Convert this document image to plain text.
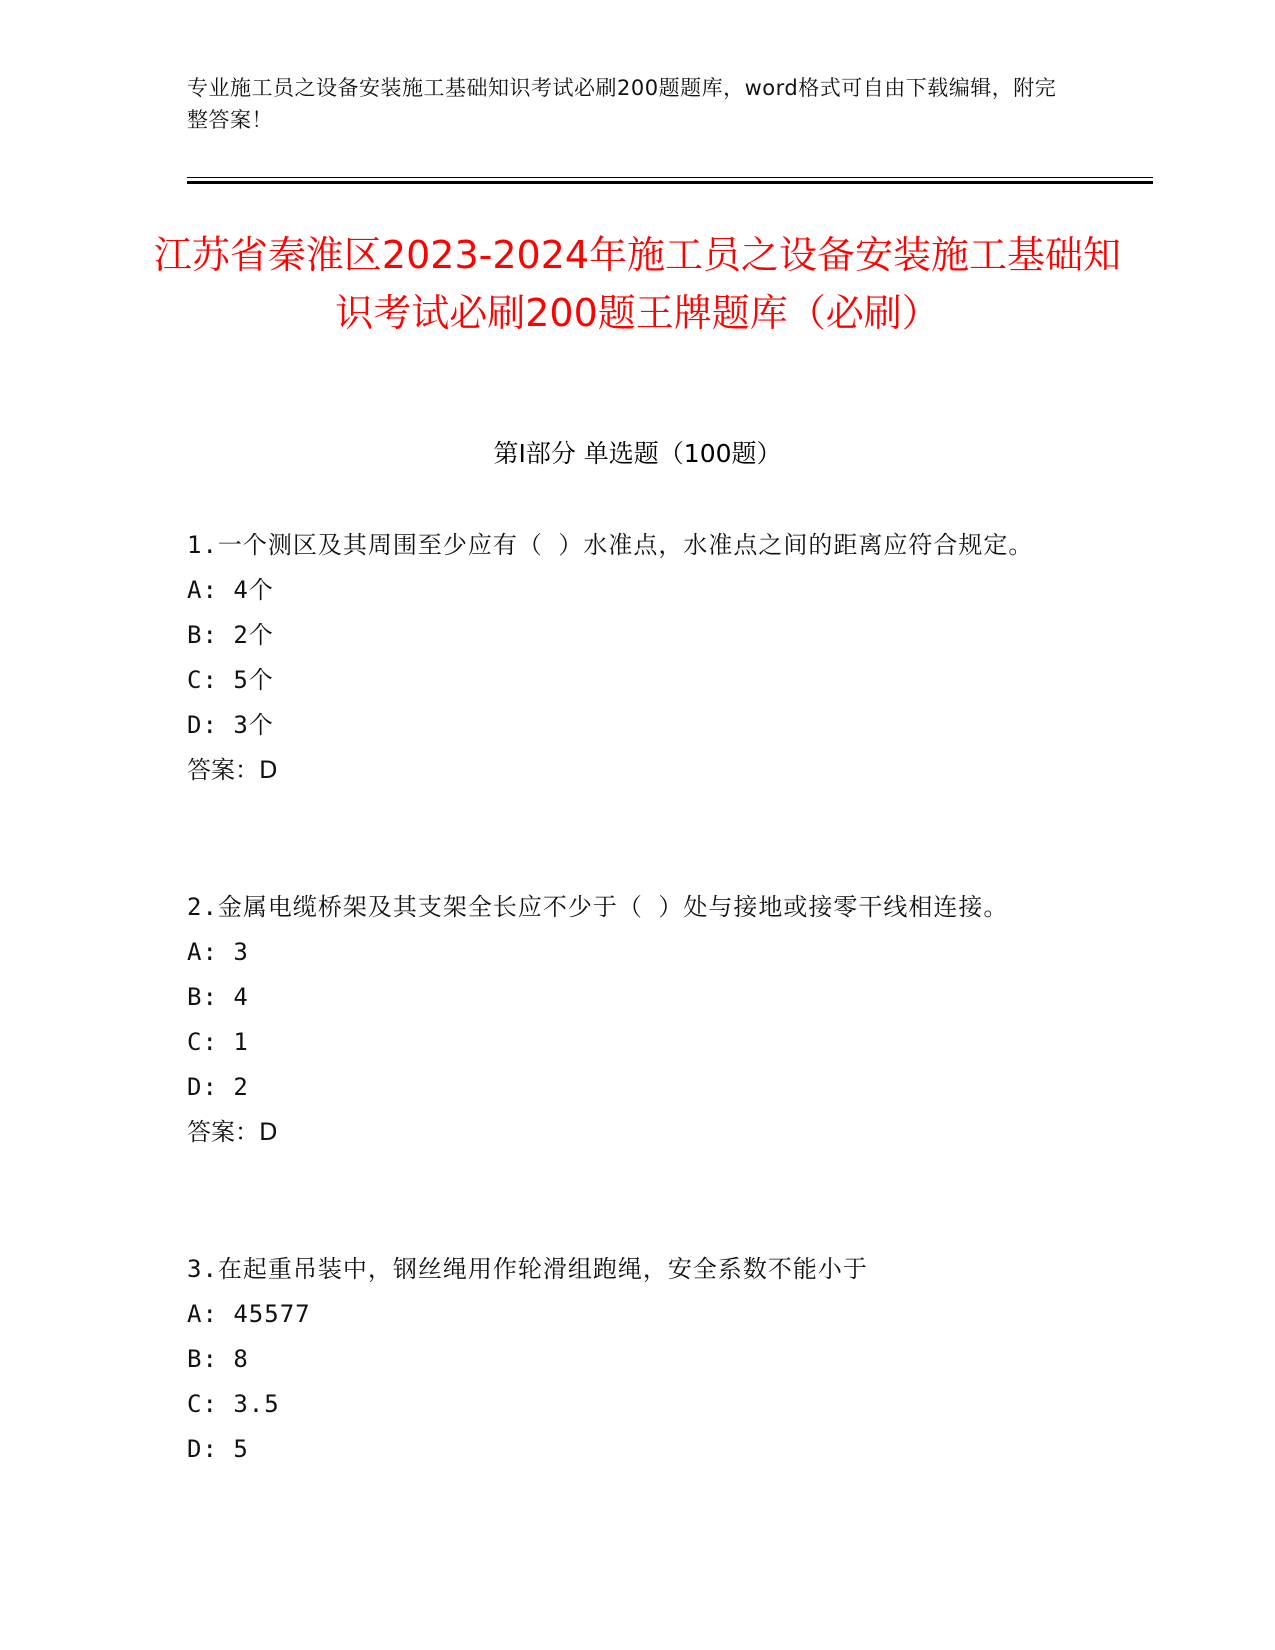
专业施工员之设备安装施工基础知识考试必刷200题题库，word格式可自由下载编辑，附完整答案！
江苏省秦淮区2023-2024年施工员之设备安装施工基础知识考试必刷200题王牌题库（必刷）
第I部分 单选题（100题）
1.一个测区及其周围至少应有（ ）水准点，水准点之间的距离应符合规定。
A: 4个
B: 2个
C: 5个
D: 3个
答案：D
2.金属电缆桥架及其支架全长应不少于（ ）处与接地或接零干线相连接。
A: 3
B: 4
C: 1
D: 2
答案：D
3.在起重吊装中，钢丝绳用作轮滑组跑绳，安全系数不能小于
A: 45577
B: 8
C: 3.5
D: 5
